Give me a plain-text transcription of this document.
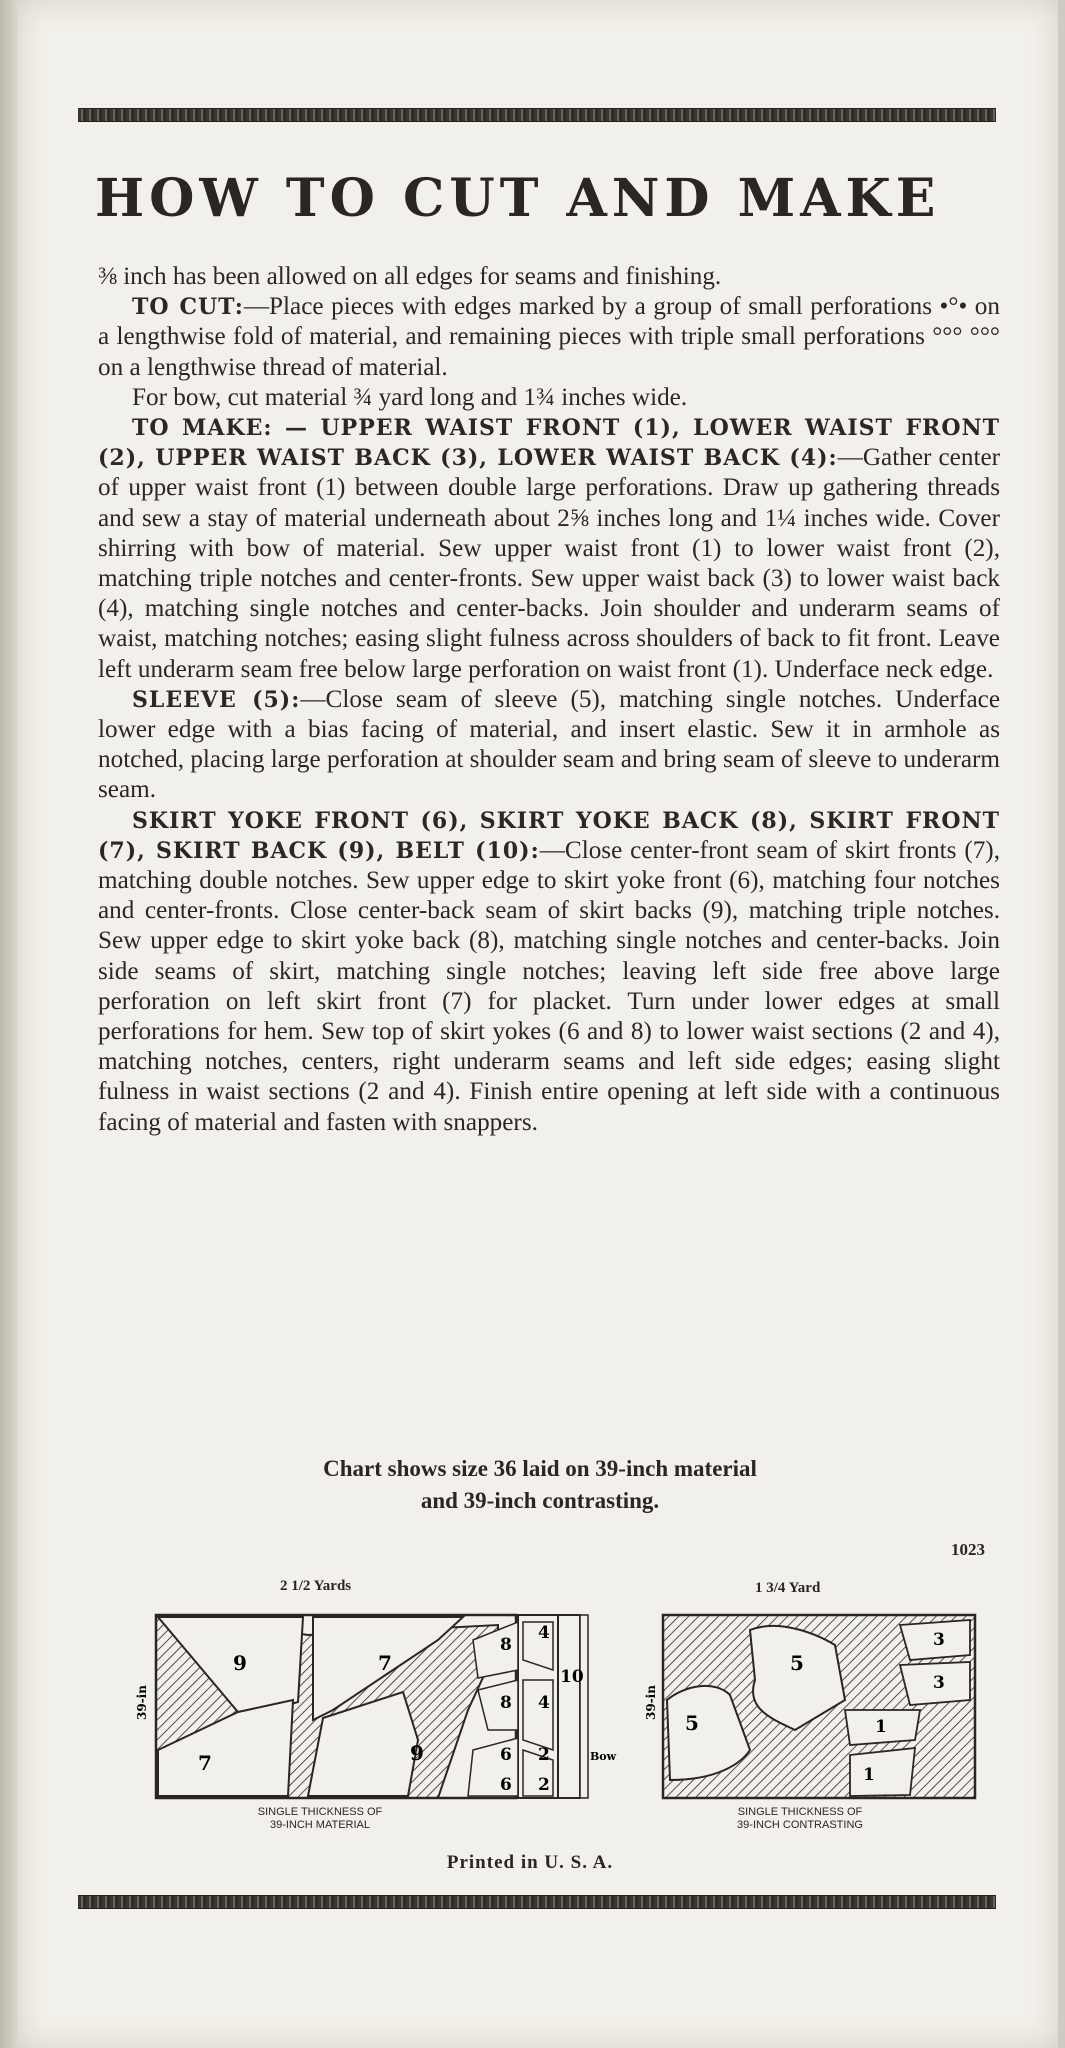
HOW TO CUT AND MAKE

⅜ inch has been allowed on all edges for seams and finishing.

TO CUT:—Place pieces with edges marked by a group of small perforations •°• on a lengthwise fold of material, and remaining pieces with triple small perforations °°° °°° on a lengthwise thread of material.

For bow, cut material ¾ yard long and 1¾ inches wide.

TO MAKE: — UPPER WAIST FRONT (1), LOWER WAIST FRONT (2), UPPER WAIST BACK (3), LOWER WAIST BACK (4):—Gather center of upper waist front (1) between double large perforations. Draw up gathering threads and sew a stay of material underneath about 2⅝ inches long and 1¼ inches wide. Cover shirring with bow of material. Sew upper waist front (1) to lower waist front (2), matching triple notches and center-fronts. Sew upper waist back (3) to lower waist back (4), matching single notches and center-backs. Join shoulder and underarm seams of waist, matching notches; easing slight fulness across shoulders of back to fit front. Leave left underarm seam free below large perforation on waist front (1). Underface neck edge.

SLEEVE (5):—Close seam of sleeve (5), matching single notches. Underface lower edge with a bias facing of material, and insert elastic. Sew it in armhole as notched, placing large perforation at shoulder seam and bring seam of sleeve to underarm seam.

SKIRT YOKE FRONT (6), SKIRT YOKE BACK (8), SKIRT FRONT (7), SKIRT BACK (9), BELT (10):—Close center-front seam of skirt fronts (7), matching double notches. Sew upper edge to skirt yoke front (6), matching four notches and center-fronts. Close center-back seam of skirt backs (9), matching triple notches. Sew upper edge to skirt yoke back (8), matching single notches and center-backs. Join side seams of skirt, matching single notches; leaving left side free above large perforation on left skirt front (7) for placket. Turn under lower edges at small perforations for hem. Sew top of skirt yokes (6 and 8) to lower waist sections (2 and 4), matching notches, centers, right underarm seams and left side edges; easing slight fulness in waist sections (2 and 4). Finish entire opening at left side with a continuous facing of material and fasten with snappers.

Chart shows size 36 laid on 39-inch material
and 39-inch contrasting.
1023
2 1/2 Yards
9	7
7	9
8
4
8 4
6 2
6 2
10
Bow
39-in
SINGLE THICKNESS OF
39-INCH MATERIAL
1 3/4 Yard
5
5
3
3
1
1
39-in
SINGLE THICKNESS OF
39-INCH CONTRASTING
Printed in U. S. A.
